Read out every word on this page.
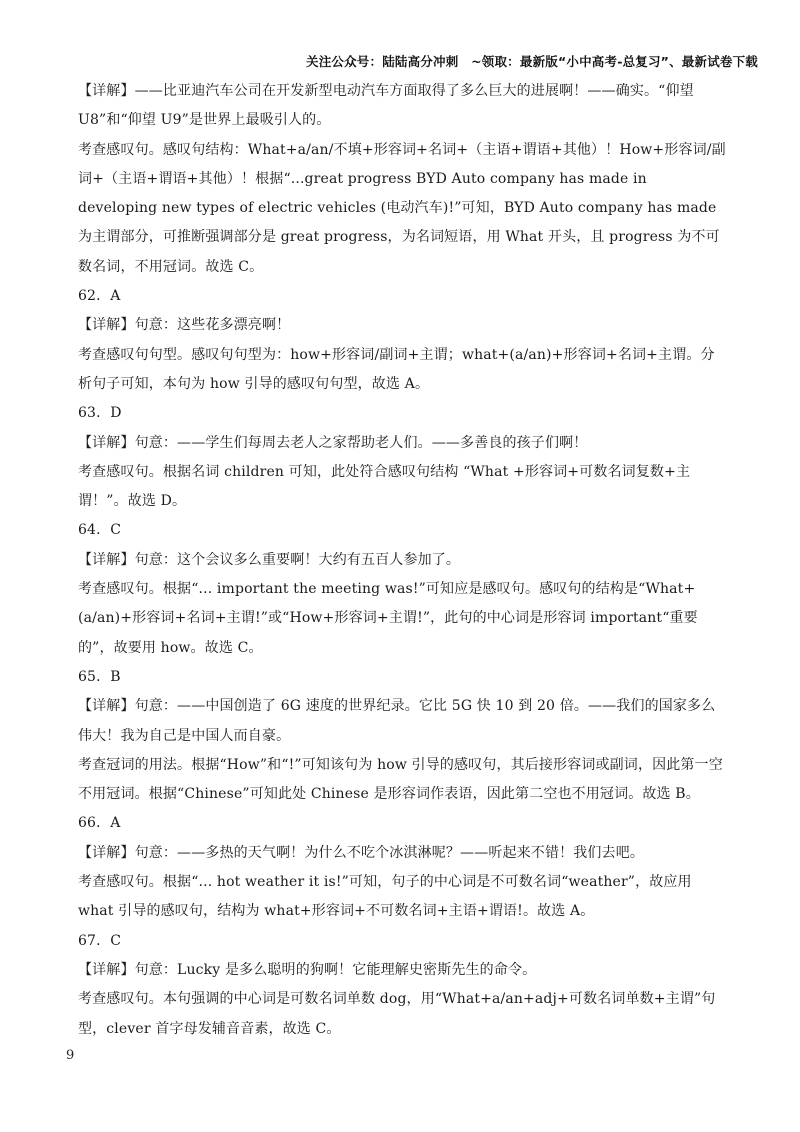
关注公众号：陆陆高分冲刺　~领取：最新版“小中高考-总复习”、最新试卷下载

【详解】——比亚迪汽车公司在开发新型电动汽车方面取得了多么巨大的进展啊！——确实。“仰望 U8”和“仰望 U9”是世界上最吸引人的。

考查感叹句。感叹句结构：What+a/an/不填+形容词+名词+（主语+谓语+其他）！How+形容词/副词+（主语+谓语+其他）！根据“...great progress BYD Auto company has made in developing new types of electric vehicles (电动汽车)!”可知，BYD Auto company has made 为主谓部分，可推断强调部分是 great progress，为名词短语，用 What 开头，且 progress 为不可数名词，不用冠词。故选 C。

62．A

【详解】句意：这些花多漂亮啊！

考查感叹句句型。感叹句句型为：how+形容词/副词+主谓；what+(a/an)+形容词+名词+主谓。分析句子可知，本句为 how 引导的感叹句句型，故选 A。

63．D

【详解】句意：——学生们每周去老人之家帮助老人们。——多善良的孩子们啊！

考查感叹句。根据名词 children 可知，此处符合感叹句结构 “What +形容词+可数名词复数+主谓！”。故选 D。

64．C

【详解】句意：这个会议多么重要啊！大约有五百人参加了。

考查感叹句。根据“... important the meeting was!”可知应是感叹句。感叹句的结构是“What+(a/an)+形容词+名词+主谓!”或“How+形容词+主谓!”，此句的中心词是形容词 important“重要的”，故要用 how。故选 C。

65．B

【详解】句意：——中国创造了 6G 速度的世界纪录。它比 5G 快 10 到 20 倍。——我们的国家多么伟大！我为自己是中国人而自豪。

考查冠词的用法。根据“How”和“!”可知该句为 how 引导的感叹句，其后接形容词或副词，因此第一空不用冠词。根据“Chinese”可知此处 Chinese 是形容词作表语，因此第二空也不用冠词。故选 B。

66．A

【详解】句意：——多热的天气啊！为什么不吃个冰淇淋呢？——听起来不错！我们去吧。

考查感叹句。根据“... hot weather it is!”可知，句子的中心词是不可数名词“weather”，故应用 what 引导的感叹句，结构为 what+形容词+不可数名词+主语+谓语!。故选 A。

67．C

【详解】句意：Lucky 是多么聪明的狗啊！它能理解史密斯先生的命令。

考查感叹句。本句强调的中心词是可数名词单数 dog，用“What+a/an+adj+可数名词单数+主谓”句型，clever 首字母发辅音音素，故选 C。

9
